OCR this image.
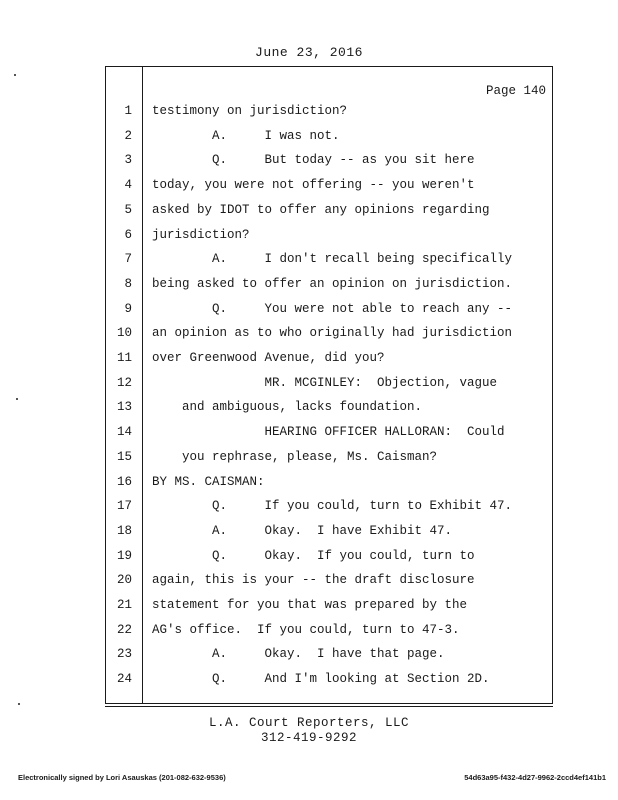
June 23, 2016
Page 140
1 testimony on jurisdiction?
2 A.     I was not.
3 Q.     But today -- as you sit here
4 today, you were not offering -- you weren't
5 asked by IDOT to offer any opinions regarding
6 jurisdiction?
7 A.     I don't recall being specifically
8 being asked to offer an opinion on jurisdiction.
9 Q.     You were not able to reach any --
10 an opinion as to who originally had jurisdiction
11 over Greenwood Avenue, did you?
12 MR. MCGINLEY:  Objection, vague
13 and ambiguous, lacks foundation.
14 HEARING OFFICER HALLORAN:  Could
15 you rephrase, please, Ms. Caisman?
16 BY MS. CAISMAN:
17 Q.     If you could, turn to Exhibit 47.
18 A.     Okay.  I have Exhibit 47.
19 Q.     Okay.  If you could, turn to
20 again, this is your -- the draft disclosure
21 statement for you that was prepared by the
22 AG's office.  If you could, turn to 47-3.
23 A.     Okay.  I have that page.
24 Q.     And I'm looking at Section 2D.
L.A. Court Reporters, LLC
312-419-9292
Electronically signed by Lori Asauskas (201-082-632-9536)	54d63a95-f432-4d27-9962-2ccd4ef141b1
